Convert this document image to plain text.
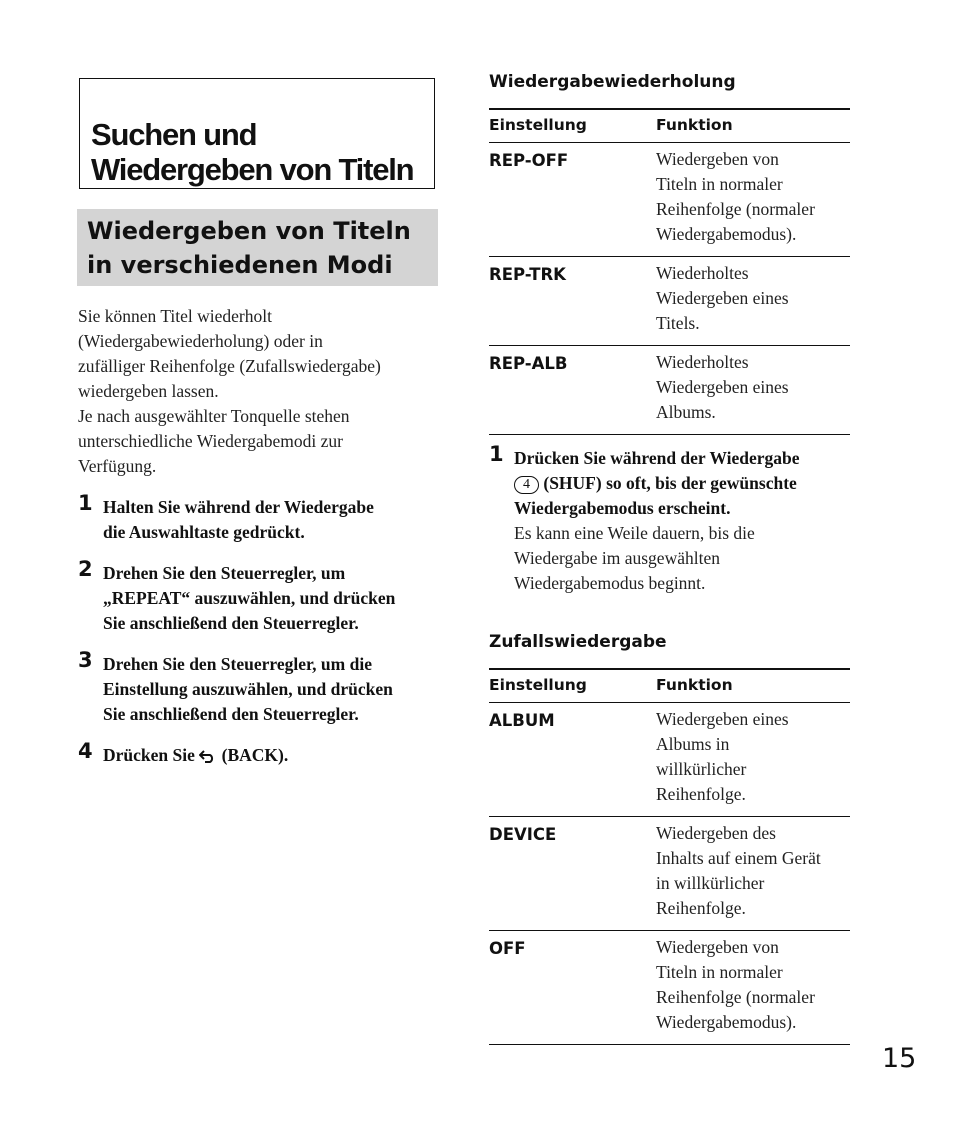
Suchen und
Wiedergeben von Titeln
Wiedergeben von Titeln
in verschiedenen Modi

Sie können Titel wiederholt
(Wiedergabewiederholung) oder in
zufälliger Reihenfolge (Zufallswiedergabe)
wiedergeben lassen.
Je nach ausgewählter Tonquelle stehen
unterschiedliche Wiedergabemodi zur
Verfügung.

1 Halten Sie während der Wiedergabe
die Auswahltaste gedrückt.
2 Drehen Sie den Steuerregler, um
„REPEAT“ auszuwählen, und drücken
Sie anschließend den Steuerregler.
3 Drehen Sie den Steuerregler, um die
Einstellung auszuwählen, und drücken
Sie anschließend den Steuerregler.
4 Drücken Sie (BACK).
Wiedergabewiederholung
Einstellung	Funktion
REP-OFF	Wiedergeben von
Titeln in normaler
Reihenfolge (normaler
Wiedergabemodus).
REP-TRK	Wiederholtes
Wiedergeben eines
Titels.
REP-ALB	Wiederholtes
Wiedergeben eines
Albums.
1 Drücken Sie während der Wiedergabe
4 (SHUF) so oft, bis der gewünschte
Wiedergabemodus erscheint.
Es kann eine Weile dauern, bis die
Wiedergabe im ausgewählten
Wiedergabemodus beginnt.
Zufallswiedergabe
Einstellung	Funktion
ALBUM	Wiedergeben eines
Albums in
willkürlicher
Reihenfolge.
DEVICE	Wiedergeben des
Inhalts auf einem Gerät
in willkürlicher
Reihenfolge.
OFF	Wiedergeben von
Titeln in normaler
Reihenfolge (normaler
Wiedergabemodus).
15
